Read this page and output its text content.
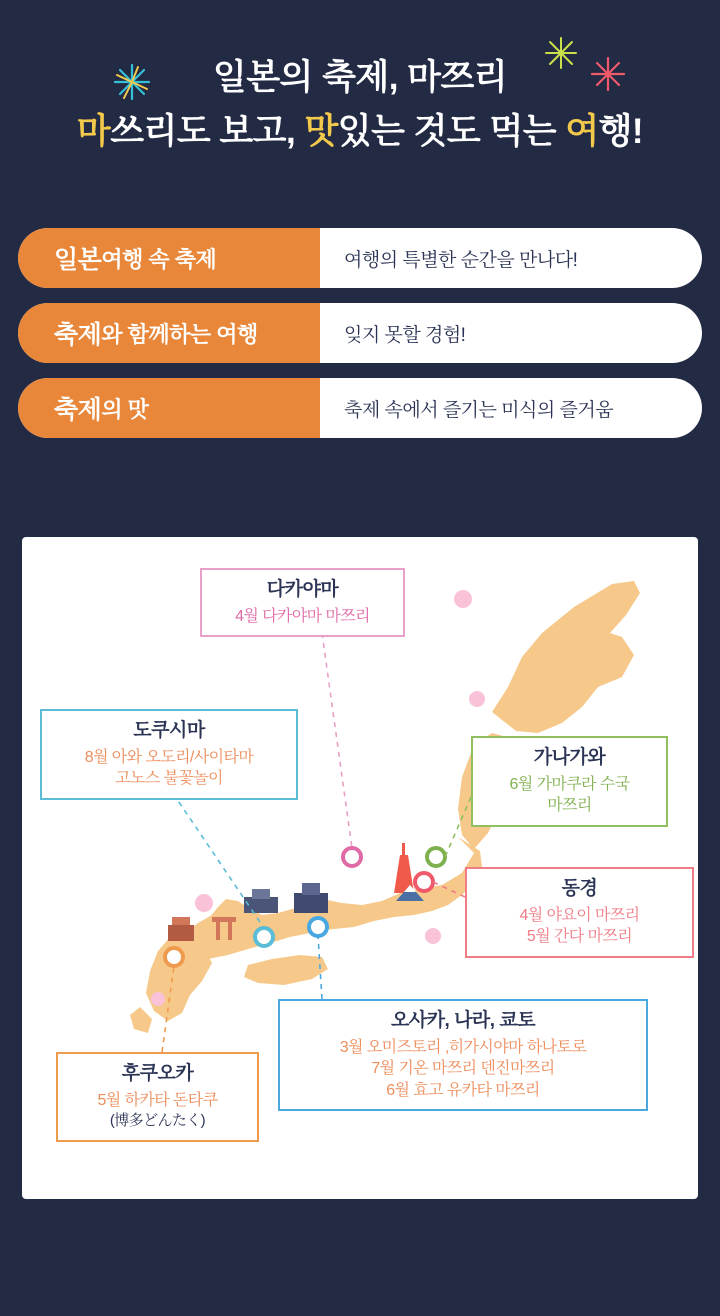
일본의 축제, 마쯔리
마쓰리도 보고, 맛있는 것도 먹는 여행!
일본 여행 속 축제	여행의 특별한 순간을 만나다!
축제 와 함께하는 여행	잊지 못할 경험!
축제 의 맛	축제 속에서 즐기는 미식의 즐거움
다카야마
4월 다카야마 마쯔리
도쿠시마
8월 아와 오도리/사이타마
고노스 불꽃놀이
가나가와
6월 가마쿠라 수국
마쯔리
동경
4월 야요이 마쯔리
5월 간다 마쯔리
오사카, 나라, 쿄토
3월 오미즈토리 ,히가시야마 하나토로
7월 기온 마쯔리 덴진마쯔리
6월 효고 유카타 마쯔리
후쿠오카
5월 하카타 돈타쿠
(博多どんたく)
